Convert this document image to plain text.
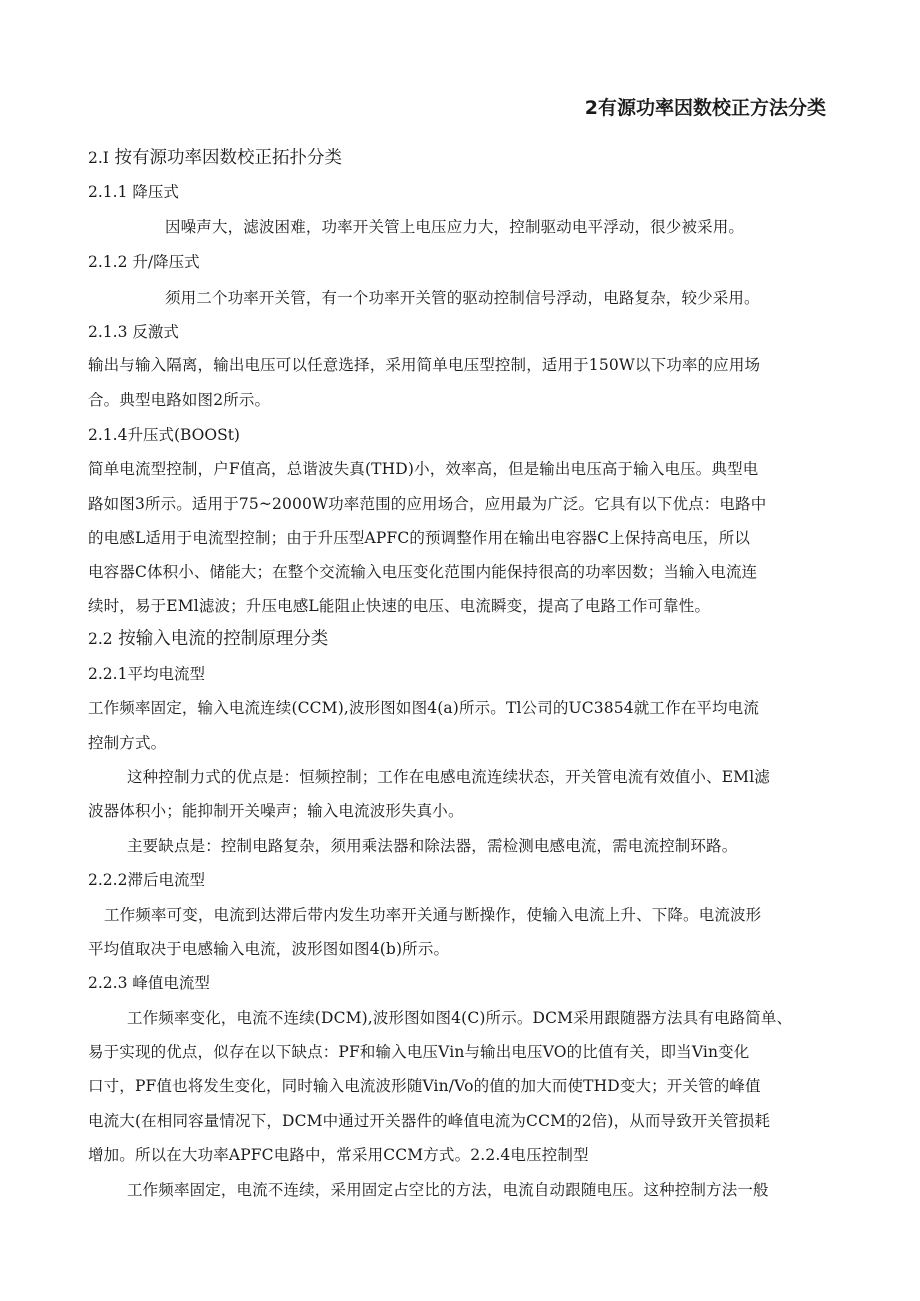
2有源功率因数校正方法分类
2.I 按有源功率因数校正拓扑分类
2.1.1 降压式
因噪声大，滤波困难，功率开关管上电压应力大，控制驱动电平浮动，很少被采用。
2.1.2 升/降压式
须用二个功率开关管，有一个功率开关管的驱动控制信号浮动，电路复杂，较少采用。
2.1.3 反激式
输出与输入隔离，输出电压可以任意选择，采用简单电压型控制，适用于150W以下功率的应用场
合。典型电路如图2所示。
2.1.4升压式(BOOSt)
简单电流型控制，户F值高，总谐波失真(THD)小，效率高，但是输出电压高于输入电压。典型电
路如图3所示。适用于75~2000W功率范围的应用场合，应用最为广泛。它具有以下优点：电路中
的电感L适用于电流型控制；由于升压型APFC的预调整作用在输出电容器C上保持高电压，所以
电容器C体积小、储能大；在整个交流输入电压变化范围内能保持很高的功率因数；当输入电流连
续时，易于EMl滤波；升压电感L能阻止快速的电压、电流瞬变，提高了电路工作可靠性。
2.2 按输入电流的控制原理分类
2.2.1平均电流型
工作频率固定，输入电流连续(CCM),波形图如图4(a)所示。Tl公司的UC3854就工作在平均电流
控制方式。
这种控制力式的优点是：恒频控制；工作在电感电流连续状态，开关管电流有效值小、EMl滤
波器体积小；能抑制开关噪声；输入电流波形失真小。
主要缺点是：控制电路复杂，须用乘法器和除法器，需检测电感电流，需电流控制环路。
2.2.2滞后电流型
工作频率可变，电流到达滞后带内发生功率开关通与断操作，使输入电流上升、下降。电流波形
平均值取决于电感输入电流，波形图如图4(b)所示。
2.2.3 峰值电流型
工作频率变化，电流不连续(DCM),波形图如图4(C)所示。DCM采用跟随器方法具有电路简单、
易于实现的优点，似存在以下缺点：PF和输入电压Vin与输出电压VO的比值有关，即当Vin变化
口寸，PF值也将发生变化，同时输入电流波形随Vin/Vo的值的加大而使THD变大；开关管的峰值
电流大(在相同容量情况下，DCM中通过开关器件的峰值电流为CCM的2倍)，从而导致开关管损耗
增加。所以在大功率APFC电路中，常采用CCM方式。2.2.4电压控制型
工作频率固定，电流不连续，采用固定占空比的方法，电流自动跟随电压。这种控制方法一般
